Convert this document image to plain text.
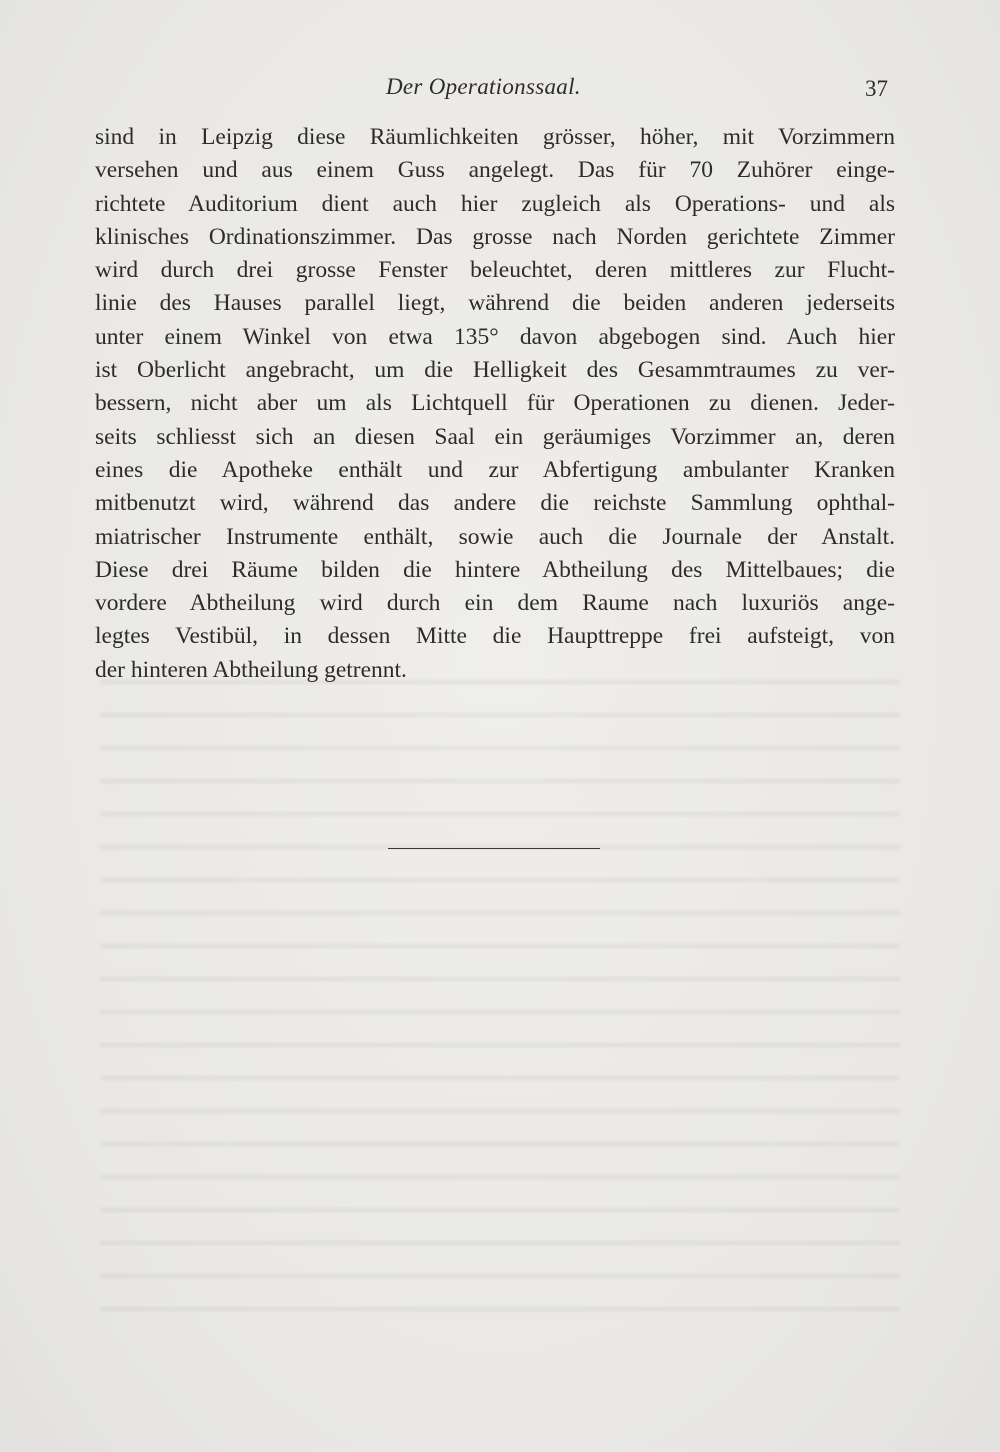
Der Operationssaal.	37
sind in Leipzig diese Räumlichkeiten grösser, höher, mit Vorzimmern
versehen und aus einem Guss angelegt. Das für 70 Zuhörer einge-
richtete Auditorium dient auch hier zugleich als Operations- und als
klinisches Ordinationszimmer. Das grosse nach Norden gerichtete Zimmer
wird durch drei grosse Fenster beleuchtet, deren mittleres zur Flucht-
linie des Hauses parallel liegt, während die beiden anderen jederseits
unter einem Winkel von etwa 135° davon abgebogen sind. Auch hier
ist Oberlicht angebracht, um die Helligkeit des Gesammtraumes zu ver-
bessern, nicht aber um als Lichtquell für Operationen zu dienen. Jeder-
seits schliesst sich an diesen Saal ein geräumiges Vorzimmer an, deren
eines die Apotheke enthält und zur Abfertigung ambulanter Kranken
mitbenutzt wird, während das andere die reichste Sammlung ophthal-
miatrischer Instrumente enthält, sowie auch die Journale der Anstalt.
Diese drei Räume bilden die hintere Abtheilung des Mittelbaues; die
vordere Abtheilung wird durch ein dem Raume nach luxuriös ange-
legtes Vestibül, in dessen Mitte die Haupttreppe frei aufsteigt, von
der hinteren Abtheilung getrennt.
